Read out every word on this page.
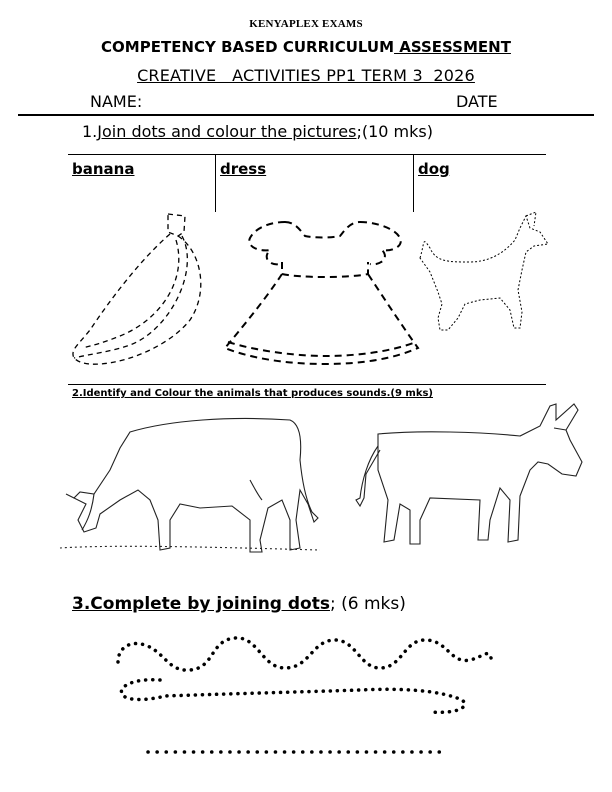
KENYAPLEX EXAMS
COMPETENCY BASED CURRICULUM ASSESSMENT
CREATIVE   ACTIVITIES PP1 TERM 3  2026
NAME:	DATE
1.Join dots and colour the pictures;(10 mks)
banana	dress	dog
2.Identify and Colour the animals that produces sounds.(9 mks)
3.Complete by joining dots; (6 mks)
